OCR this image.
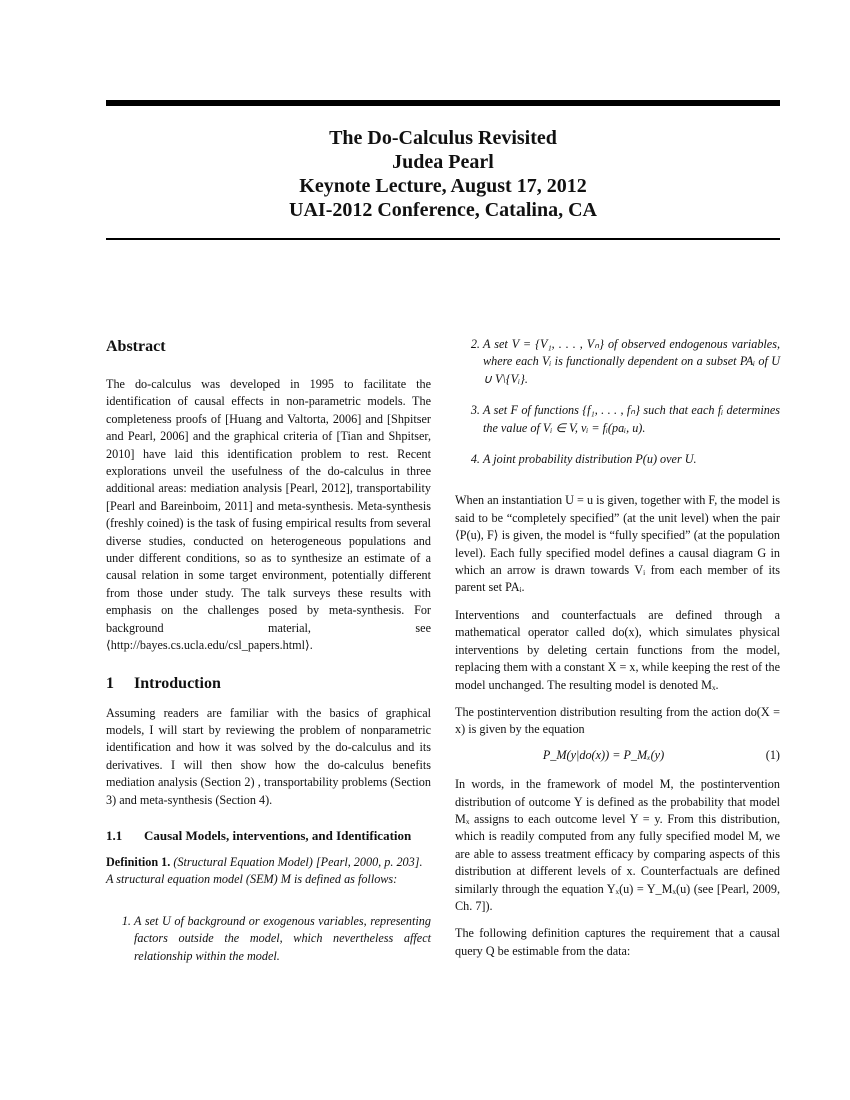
The Do-Calculus Revisited
Judea Pearl
Keynote Lecture, August 17, 2012
UAI-2012 Conference, Catalina, CA
Abstract

The do-calculus was developed in 1995 to facilitate the identification of causal effects in non-parametric models. The completeness proofs of [Huang and Valtorta, 2006] and [Shpitser and Pearl, 2006] and the graphical criteria of [Tian and Shpitser, 2010] have laid this identification problem to rest. Recent explorations unveil the usefulness of the do-calculus in three additional areas: mediation analysis [Pearl, 2012], transportability [Pearl and Bareinboim, 2011] and meta-synthesis. Meta-synthesis (freshly coined) is the task of fusing empirical results from several diverse studies, conducted on heterogeneous populations and under different conditions, so as to synthesize an estimate of a causal relation in some target environment, potentially different from those under study. The talk surveys these results with emphasis on the challenges posed by meta-synthesis. For background material, see ⟨http://bayes.cs.ucla.edu/csl_papers.html⟩.

1 Introduction

Assuming readers are familiar with the basics of graphical models, I will start by reviewing the problem of nonparametric identification and how it was solved by the do-calculus and its derivatives. I will then show how the do-calculus benefits mediation analysis (Section 2) , transportability problems (Section 3) and meta-synthesis (Section 4).

1.1	Causal Models, interventions, and Identification

Definition 1. (Structural Equation Model) [Pearl, 2000, p. 203].

A structural equation model (SEM) M is defined as follows:

1. A set U of background or exogenous variables, representing factors outside the model, which nevertheless affect relationship within the model.
2. A set V = {V₁, . . . , Vₙ} of observed endogenous variables, where each Vᵢ is functionally dependent on a subset PAᵢ of U ∪ V\{Vᵢ}.
3. A set F of functions {f₁, . . . , fₙ} such that each fᵢ determines the value of Vᵢ ∈ V, vᵢ = fᵢ(paᵢ, u).
4. A joint probability distribution P(u) over U.

When an instantiation U = u is given, together with F, the model is said to be “completely specified” (at the unit level) when the pair ⟨P(u), F⟩ is given, the model is “fully specified” (at the population level). Each fully specified model defines a causal diagram G in which an arrow is drawn towards Vᵢ from each member of its parent set PAᵢ.

Interventions and counterfactuals are defined through a mathematical operator called do(x), which simulates physical interventions by deleting certain functions from the model, replacing them with a constant X = x, while keeping the rest of the model unchanged. The resulting model is denoted Mₓ.

The postintervention distribution resulting from the action do(X = x) is given by the equation

P_M(y|do(x)) = P_Mₓ(y)	(1)

In words, in the framework of model M, the postintervention distribution of outcome Y is defined as the probability that model Mₓ assigns to each outcome level Y = y. From this distribution, which is readily computed from any fully specified model M, we are able to assess treatment efficacy by comparing aspects of this distribution at different levels of x. Counterfactuals are defined similarly through the equation Yₓ(u) = Y_Mₓ(u) (see [Pearl, 2009, Ch. 7]).

The following definition captures the requirement that a causal query Q be estimable from the data:
